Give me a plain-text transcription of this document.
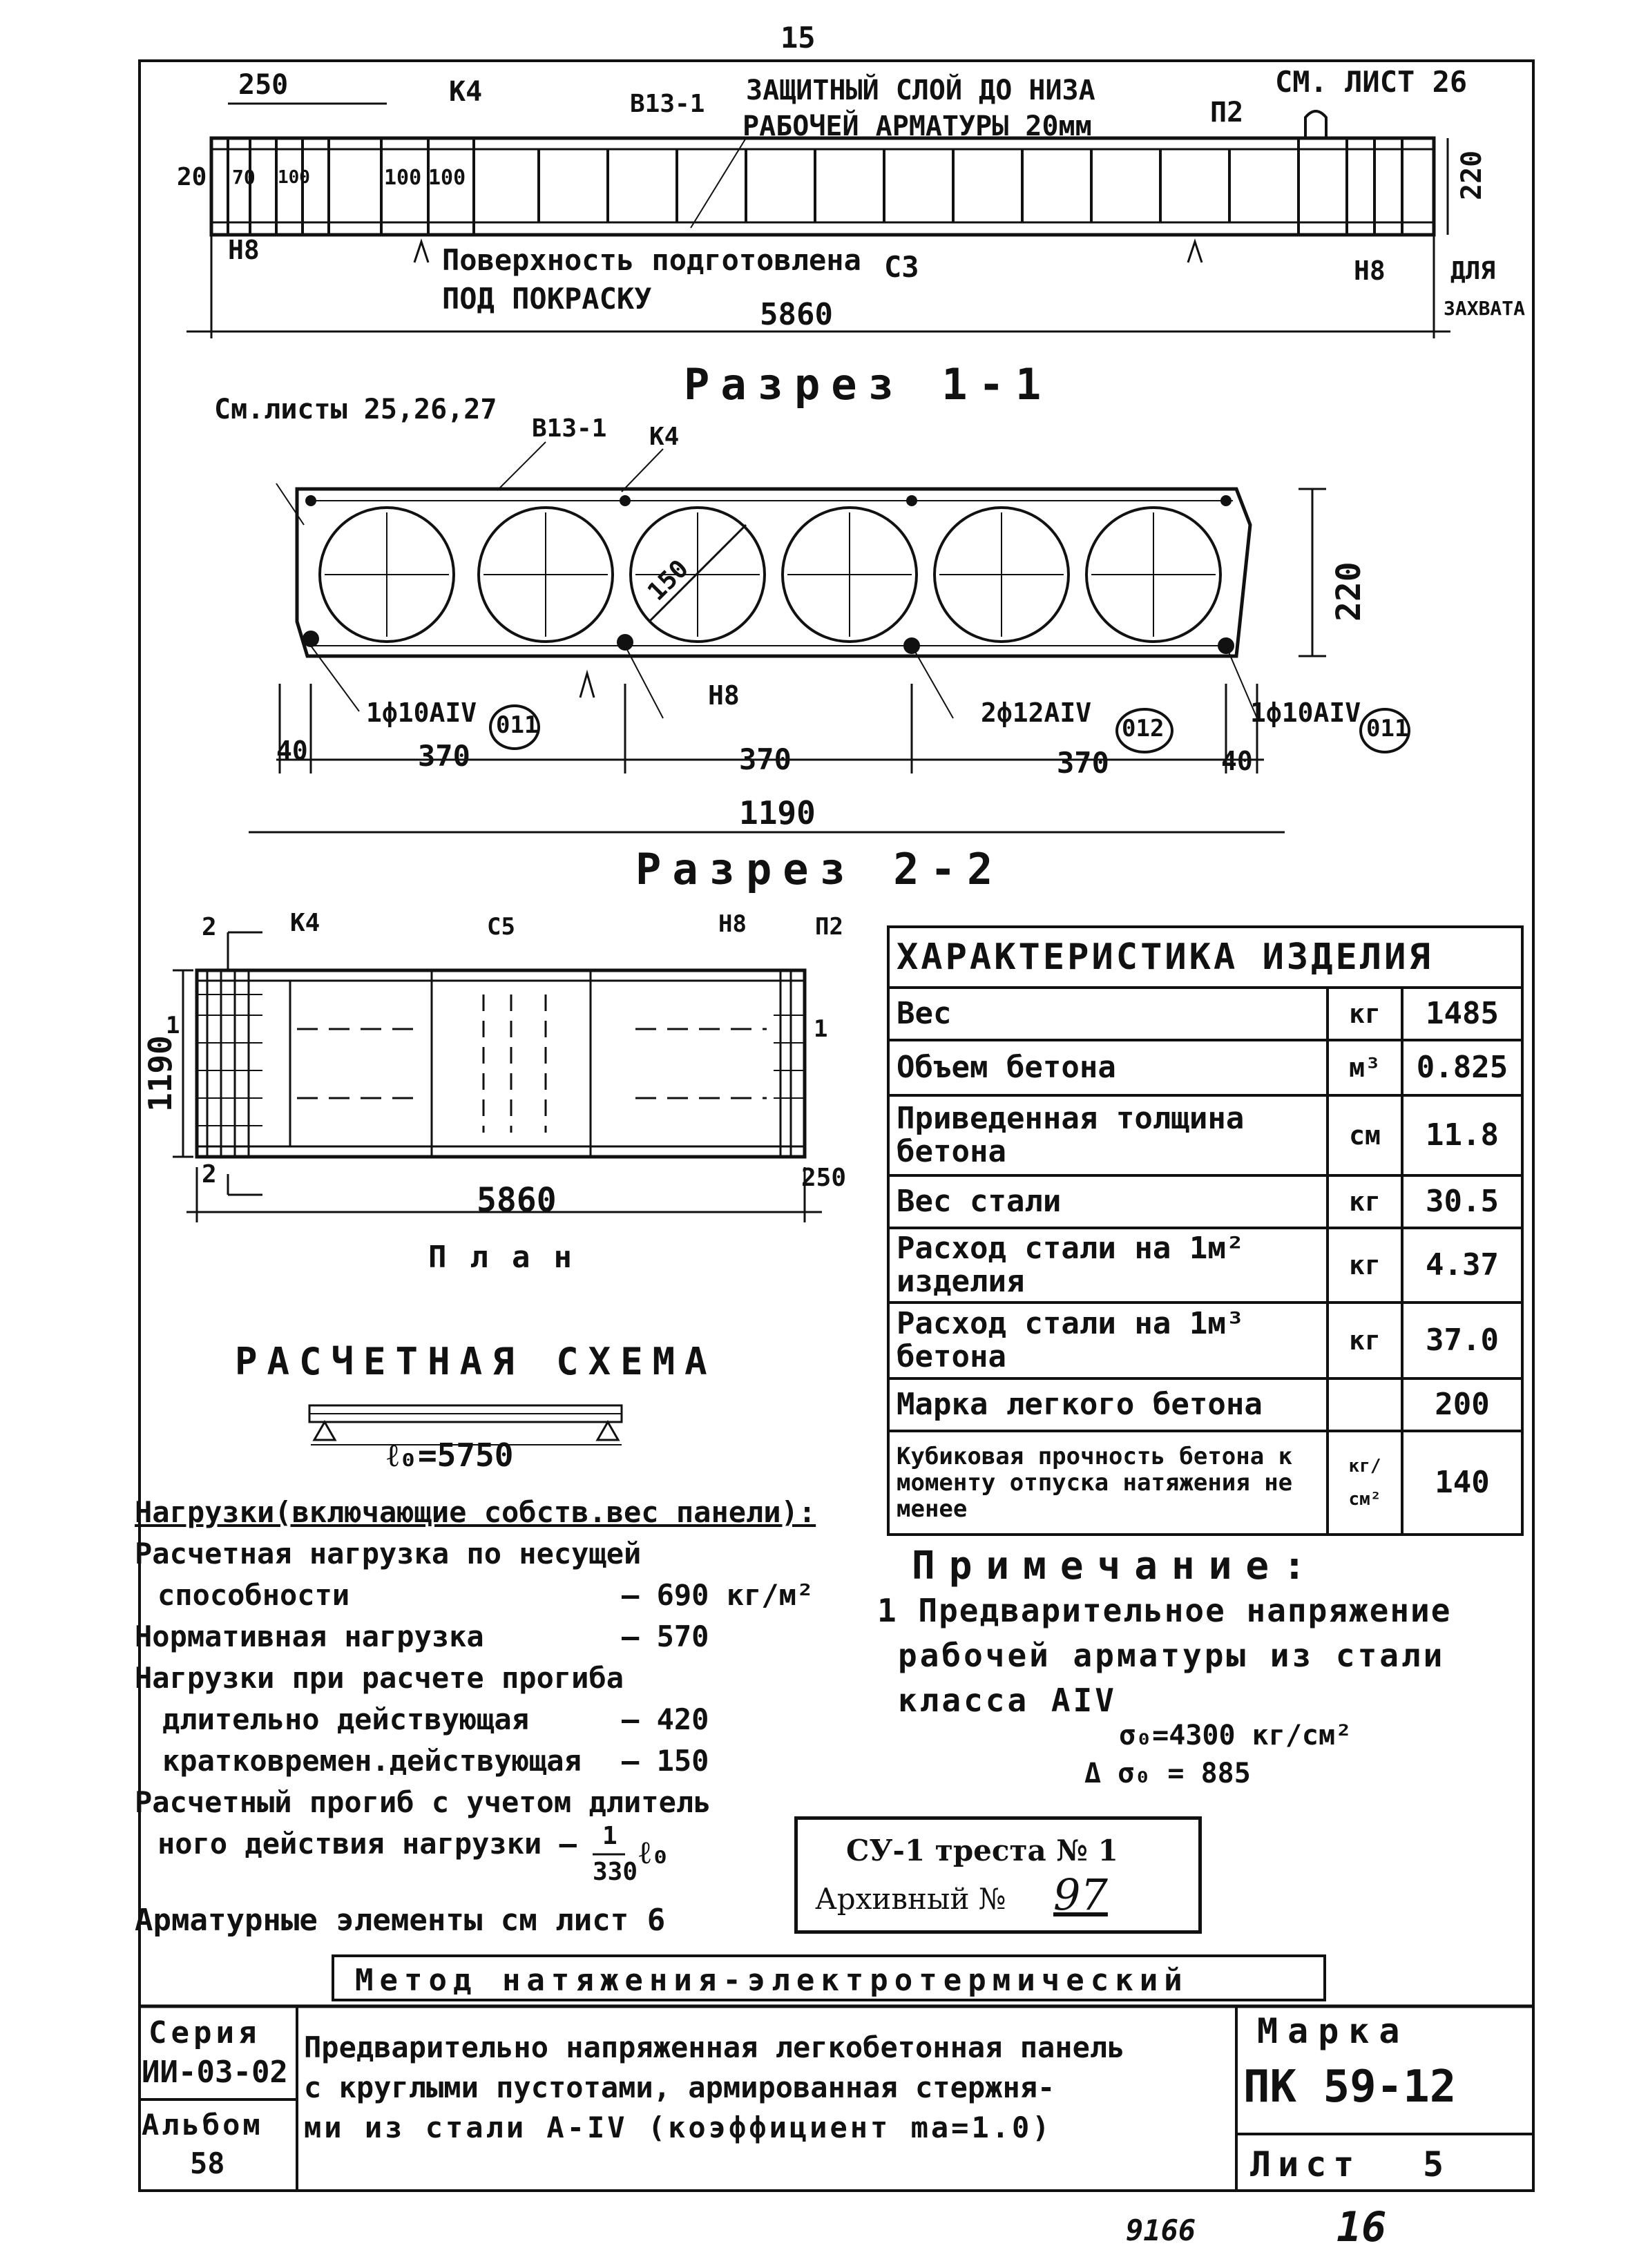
15
250	К4	В13-1 ЗАЩИТНЫЙ СЛОЙ ДО НИЗА
РАБОЧЕЙ АРМАТУРЫ 20мм	П2
СМ. ЛИСТ 26
20 70 100	100 100	220
Н8	Поверхность подготовлена С3
ПОД ПОКРАСКУ
Н8	ДЛЯ
ЗАХВАТА
5860
Разрез 1-1
См.листы 25,26,27
В13-1 К4
150	220
1ф10АIV 011
Н8
2ф12АIV
012
1ф10АIV
011
40	370	370	370	40
1190
Разрез 2-2
2	К4	С5	Н8	П2
1190
1	1
2	250
5860
План
ХАРАКТЕРИСТИКА ИЗДЕЛИЯ		
Вес	кг	1485
Объем бетона	м³	0.825
Приведенная толщина бетона	см	11.8
Вес стали	кг	30.5
Расход стали на 1м² изделия	кг	4.37
Расход стали на 1м³ бетона	кг	37.0
Марка легкого бетона		200
Кубиковая прочность бетона к моменту отпуска натяжения не менее	кг/см²	140
РАСЧЕТНАЯ СХЕМА
ℓ₀=5750
Нагрузки(включающие собств.вес панели):
Расчетная нагрузка по несущей
способности	– 690 кг/м²
Нормативная нагрузка	– 570
Нагрузки при расчете прогиба
длительно действующая	– 420
кратковремен.действующая – 150
Расчетный прогиб с учетом длитель
ного действия нагрузки – 1
330
ℓ₀
Арматурные элементы см лист 6
Примечание:
1 Предварительное напряжение
рабочей арматуры из стали
класса АIV
σ₀=4300 кг/см²
Δ σ₀ = 885
СУ-1 треста № 1
Архивный № 97
Метод натяжения-электротермический
Серия
ИИ-03-02
Альбом
58
Предварительно напряженная легкобетонная панель
с круглыми пустотами, армированная стержня-
ми из стали А-IV (коэффициент mа=1.0)
Марка
ПК 59-12
Лист 5
9166	16
